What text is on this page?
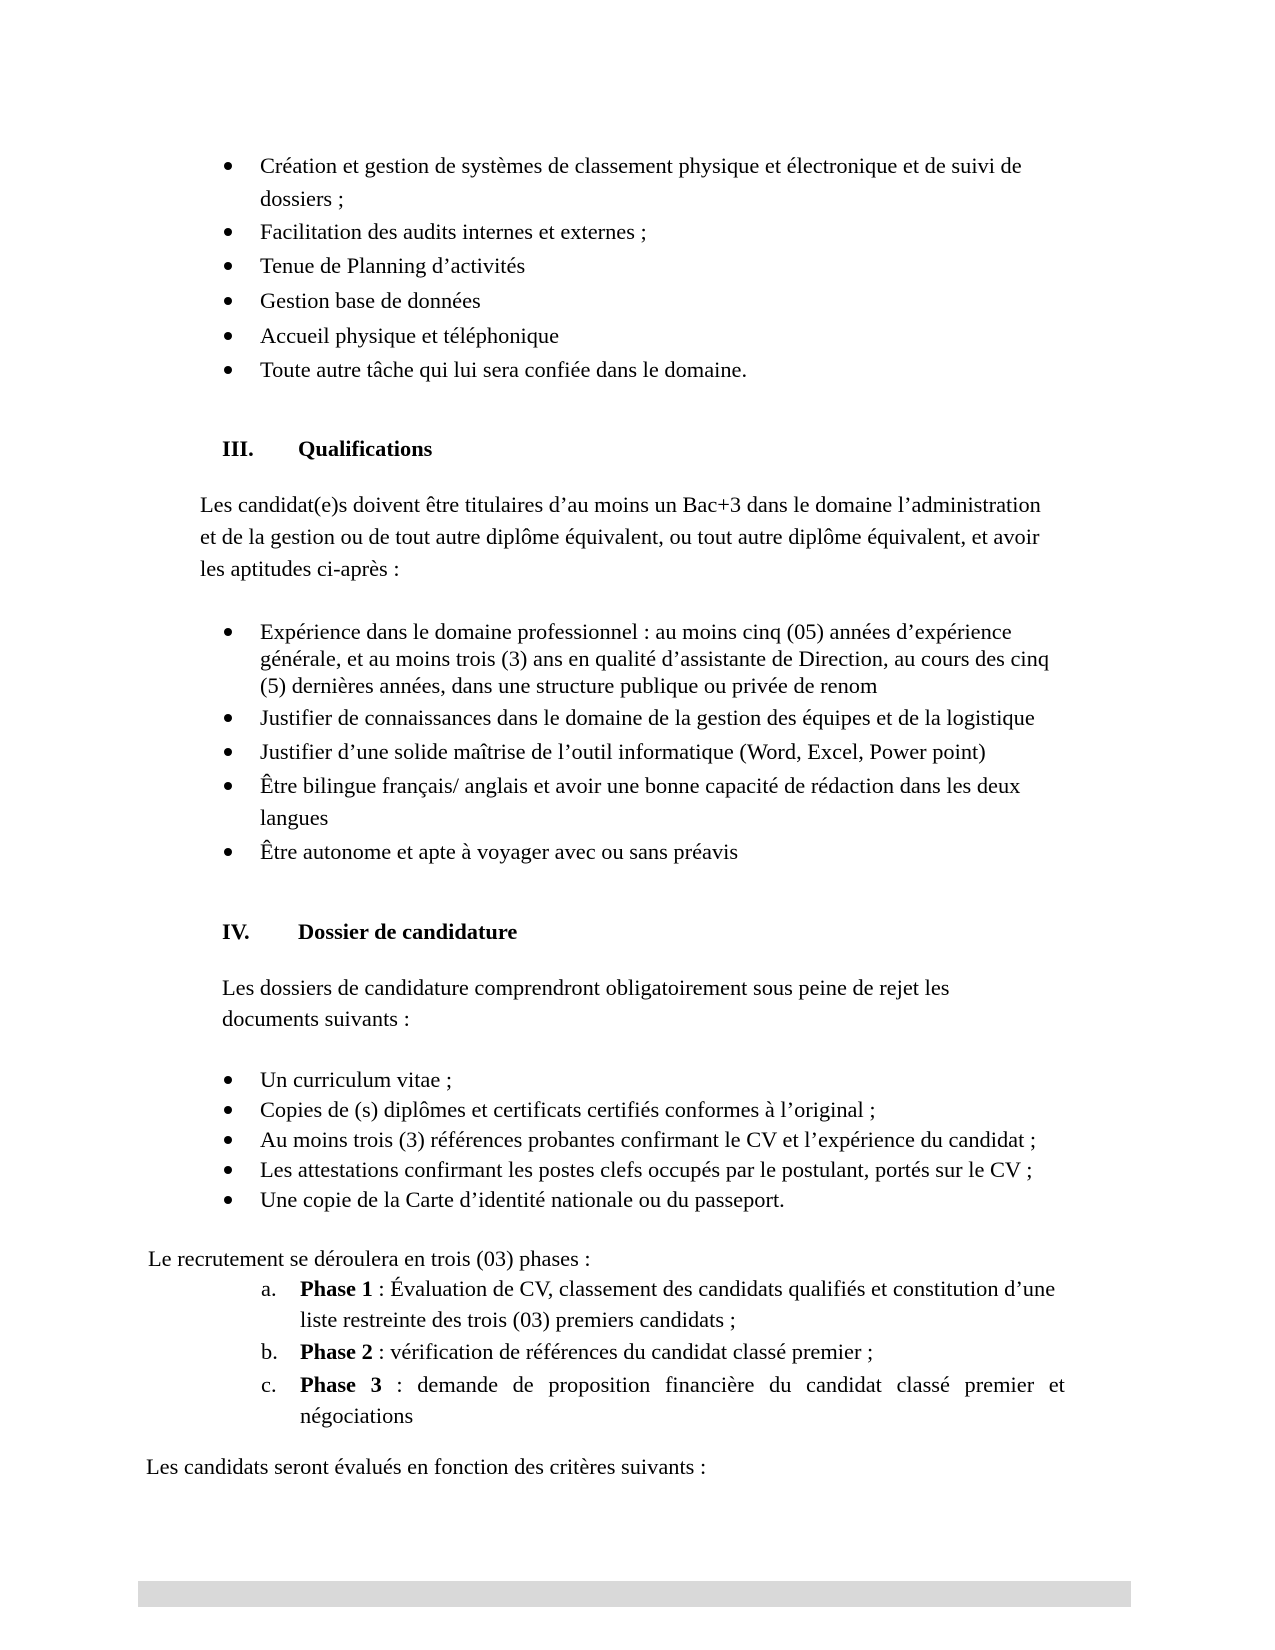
Création et gestion de systèmes de classement physique et électronique et de suivi de
dossiers ;
Facilitation des audits internes et externes ;
Tenue de Planning d’activités
Gestion base de données
Accueil physique et téléphonique
Toute autre tâche qui lui sera confiée dans le domaine.
III. Qualifications
Les candidat(e)s doivent être titulaires d’au moins un Bac+3 dans le domaine l’administration
et de la gestion ou de tout autre diplôme équivalent, ou tout autre diplôme équivalent, et avoir
les aptitudes ci-après :
Expérience dans le domaine professionnel : au moins cinq (05) années d’expérience
générale, et au moins trois (3) ans en qualité d’assistante de Direction, au cours des cinq
(5) dernières années, dans une structure publique ou privée de renom
Justifier de connaissances dans le domaine de la gestion des équipes et de la logistique
Justifier d’une solide maîtrise de l’outil informatique (Word, Excel, Power point)
Être bilingue français/ anglais et avoir une bonne capacité de rédaction dans les deux
langues
Être autonome et apte à voyager avec ou sans préavis
IV. Dossier de candidature
Les dossiers de candidature comprendront obligatoirement sous peine de rejet les
documents suivants :
Un curriculum vitae ;
Copies de (s) diplômes et certificats certifiés conformes à l’original ;
Au moins trois (3) références probantes confirmant le CV et l’expérience du candidat ;
Les attestations confirmant les postes clefs occupés par le postulant, portés sur le CV ;
Une copie de la Carte d’identité nationale ou du passeport.
Le recrutement se déroulera en trois (03) phases :
a. Phase 1 : Évaluation de CV, classement des candidats qualifiés et constitution d’une
liste restreinte des trois (03) premiers candidats ;
b. Phase 2 : vérification de références du candidat classé premier ;
c. Phase 3 : demande de proposition financière du candidat classé premier et
négociations
Les candidats seront évalués en fonction des critères suivants :
